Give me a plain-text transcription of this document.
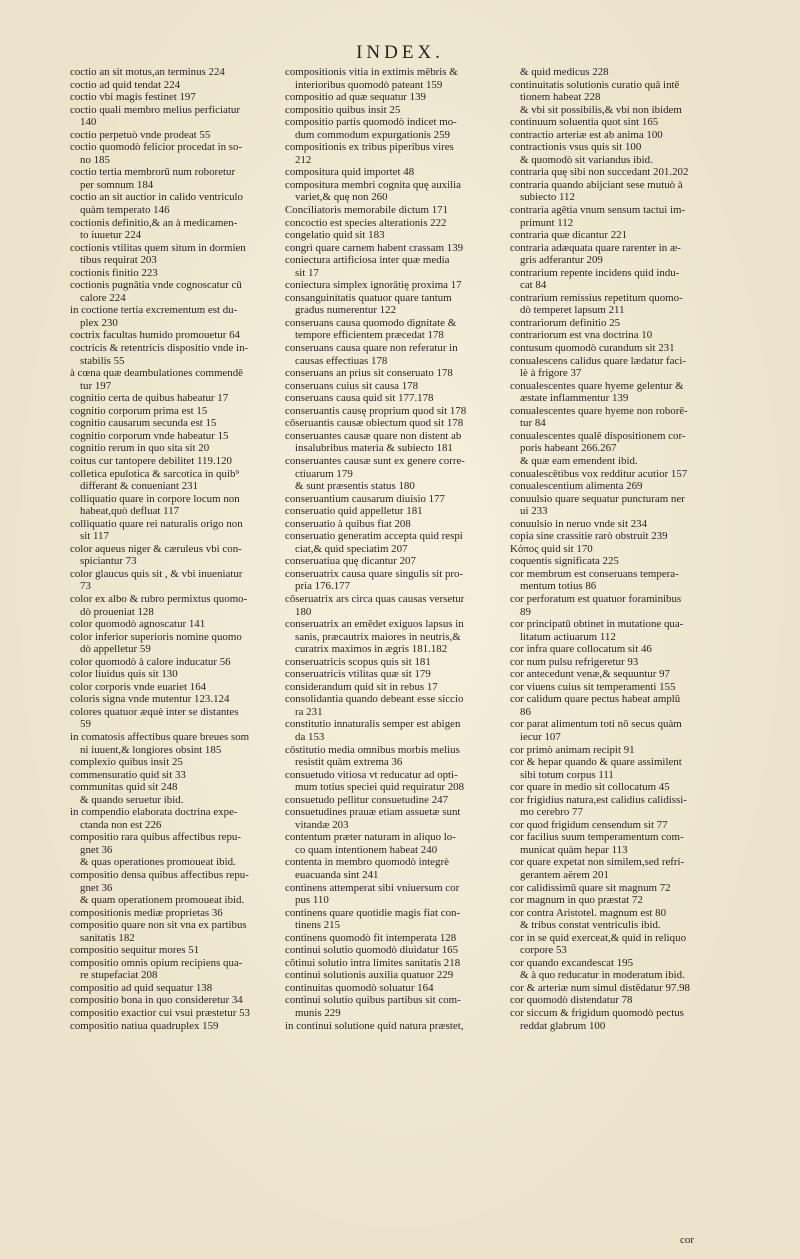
INDEX.
coctio an sit motus,an terminus 224
coctio ad quid tendat 224
coctio vbi magis festinet 197
coctio quali membro melius perficiatur
140
coctio perpetuò vnde prodeat 55
coctio quomodò felicior procedat in so-
no 185
coctio tertia membrorū num roboretur
per somnum 184
coctio an sit auctior in calido ventriculo
quàm temperato 146
coctionis definitio,& an à medicamen-
to iuuetur 224
coctionis vtilitas quem situm in dormien
tibus requirat 203
coctionis finitio 223
coctionis pugnātia vnde cognoscatur cū
calore 224
in coctione tertia excrementum est du-
plex 230
coctrix facultas humido promouetur 64
coctricis & retentricis dispositio vnde in-
stabilis 55
à cœna quæ deambulationes commendē
tur 197
cognitio certa de quibus habeatur 17
cognitio corporum prima est 15
cognitio causarum secunda est 15
cognitio corporum vnde habeatur 15
cognitio rerum in quo sita sit 20
coitus cur tantopere debilitet 119.120
colletica epulotica & sarcotica in quib⁹
differant & conueniant 231
colliquatio quare in corpore locum non
habeat,quò defluat 117
colliquatio quare rei naturalis origo non
sit 117
color aqueus niger & cæruleus vbi con-
spiciantur 73
color glaucus quis sit , & vbi inueniatur
73
color ex albo & rubro permixtus quomo-
dò proueniat 128
color quomodò agnoscatur 141
color inferior superioris nomine quomo
dò appelletur 59
color quomodò à calore inducatur 56
color liuidus quis sit 130
color corporis vnde euariet 164
coloris signa vnde mutentur 123.124
colores quatuor æquè inter se distantes
59
in comatosis affectibus quare breues som
ni iuuent,& longiores obsint 185
complexio quibus insit 25
commensuratio quid sit 33
communitas quid sit 248
& quando seruetur ibid.
in compendio elaborata doctrina expe-
ctanda non est 226
compositio rara quibus affectibus repu-
gnet 36
& quas operationes promoueat ibid.
compositio densa quibus affectibus repu-
gnet 36
& quam operationem promoueat ibid.
compositionis mediæ proprietas 36
compositio quare non sit vna ex partibus
sanitatis 182
compositio sequitur mores 51
compositio omnis opium recipiens qua-
re stupefaciat 208
compositio ad quid sequatur 138
compositio bona in quo consideretur 34
compositio exactior cui vsui præstetur 53
compositio natiua quadruplex 159
compositionis vitia in extimis mēbris &
interioribus quomodò pateant 159
compositio ad quæ sequatur 139
compositio quibus insit 25
compositio partis quomodò indicet mo-
dum commodum expurgationis 259
compositionis ex tribus piperibus vires
212
compositura quid importet 48
compositura membri cognita quę auxilia
variet,& quę non 260
Conciliatoris memorabile dictum 171
concoctio est species alterationis 222
congelatio quid sit 183
congri quare carnem habent crassam 139
coniectura artificiosa inter quæ media
sit 17
coniectura simplex ignorātię proxima 17
consanguinitatis quatuor quare tantum
gradus numerentur 122
conseruans causa quomodo dignitate &
tempore efficientem præcedat 178
conseruans causa quare non referatur in
causas effectiuas 178
conseruans an prius sit conseruato 178
conseruans cuius sit causa 178
conseruans causa quid sit 177.178
conseruantis causę proprium quod sit 178
cōseruantis causæ obiectum quod sit 178
conseruantes causæ quare non distent ab
insalubribus materia & subiecto 181
conseruantes causæ sunt ex genere corre-
ctiuarum 179
& sunt præsentis status 180
conseruantium causarum diuisio 177
conseruatio quid appelletur 181
conseruatio à quibus fiat 208
conseruatio generatim accepta quid respi
ciat,& quid speciatim 207
conseruatiua quę dicantur 207
conseruatrix causa quare singulis sit pro-
pria 176.177
cōseruatrix ars circa quas causas versetur
180
conseruatrix an emēdet exiguos lapsus in
sanis, præcautrix maiores in neutris,&
curatrix maximos in ægris 181.182
conseruatricis scopus quis sit 181
conseruatricis vtilitas quæ sit 179
considerandum quid sit in rebus 17
consolidantia quando debeant esse siccio
ra 231
constitutio innaturalis semper est abigen
da 153
cōstitutio media omnibus morbis melius
resistit quàm extrema 36
consuetudo vitiosa vt reducatur ad opti-
mum totius speciei quid requiratur 208
consuetudo pellitur consuetudine 247
consuetudines prauæ etiam assuetæ sunt
vitandæ 203
contentum præter naturam in aliquo lo-
co quam intentionem habeat 240
contenta in membro quomodò integrè
euacuanda sint 241
continens attemperat sibi vniuersum cor
pus 110
continens quare quotidie magis fiat con-
tinens 215
continens quomodò fit intemperata 128
continui solutio quomodò diuidatur 165
cōtinui solutio intra limites sanitatis 218
continui solutionis auxilia quatuor 229
continuitas quomodò soluatur 164
continui solutio quibus partibus sit com-
munis 229
in continui solutione quid natura præstet,
& quid medicus 228
continuitatis solutionis curatio quā intē
tionem habeat 228
& vbi sit possibilis,& vbi non ibidem
continuum soluentia quot sint 165
contractio arteriæ est ab anima 100
contractionis vsus quis sit 100
& quomodò sit variandus ibid.
contraria quę sibi non succedant 201.202
contraria quando abijciant sese mutuò à
subiecto 112
contraria agētia vnum sensum tactui im-
primunt 112
contraria quæ dicantur 221
contraria adæquata quare rarenter in æ-
gris adferantur 209
contrarium repente incidens quid indu-
cat 84
contrarium remissius repetitum quomo-
dò temperet lapsum 211
contrariorum definitio 25
contrariorum est vna doctrina 10
contusum quomodò curandum sit 231
conualescens calidus quare lædatur faci-
lè à frigore 37
conualescentes quare hyeme gelentur &
æstate inflammentur 139
conualescentes quare hyeme non roborē-
tur 84
conualescentes qualē dispositionem cor-
poris habeant 266.267
& quæ eam emendent ibid.
conualescētibus vox redditur acutior 157
conualescentium alimenta 269
conuulsio quare sequatur puncturam ner
ui 233
conuulsio in neruo vnde sit 234
copia sine crassitie rarò obstruit 239
Κόπος quid sit 170
coquentis significata 225
cor membrum est conseruans tempera-
mentum totius 86
cor perforatum est quatuor foraminibus
89
cor principatū obtinet in mutatione qua-
litatum actiuarum 112
cor infra quare collocatum sit 46
cor num pulsu refrigeretur 93
cor antecedunt venæ,& sequuntur 97
cor viuens cuius sit temperamenti 155
cor calidum quare pectus habeat amplū
86
cor parat alimentum toti nō secus quàm
iecur 107
cor primò animam recipit 91
cor & hepar quando & quare assimilent
sibi totum corpus 111
cor quare in medio sit collocatum 45
cor frigidius natura,est calidius calidissi-
mo cerebro 77
cor quod frigidum censendum sit 77
cor facilius suum temperamentum com-
municat quàm hepar 113
cor quare expetat non similem,sed refri-
gerantem aërem 201
cor calidissimū quare sit magnum 72
cor magnum in quo præstat 72
cor contra Aristotel. magnum est 80
& tribus constat ventriculis ibid.
cor in se quid exerceat,& quid in reliquo
corpore 53
cor quando excandescat 195
& à quo reducatur in moderatum ibid.
cor & arteriæ num simul distēdatur 97.98
cor quomodò distendatur 78
cor siccum & frigidum quomodò pectus
reddat glabrum 100
cor
